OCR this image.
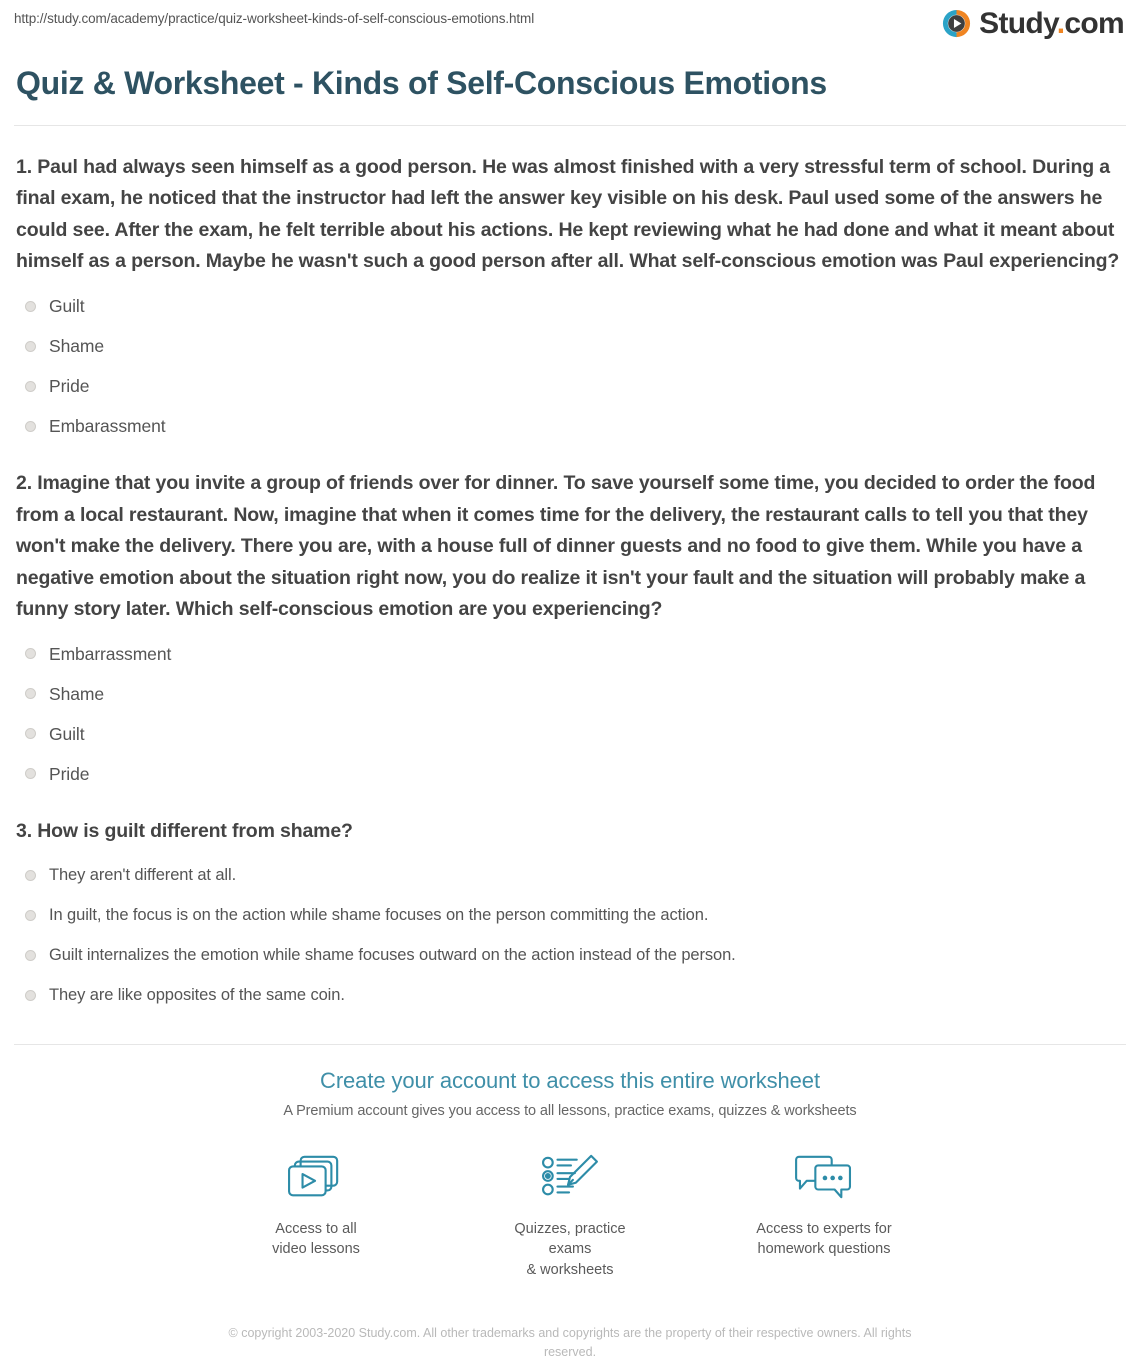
http://study.com/academy/practice/quiz-worksheet-kinds-of-self-conscious-emotions.html	Study.com
Quiz & Worksheet - Kinds of Self-Conscious Emotions

1. Paul had always seen himself as a good person. He was almost finished with a very stressful term of school. During a final exam, he noticed that the instructor had left the answer key visible on his desk. Paul used some of the answers he could see. After the exam, he felt terrible about his actions. He kept reviewing what he had done and what it meant about himself as a person. Maybe he wasn't such a good person after all. What self-conscious emotion was Paul experiencing?

Guilt
Shame
Pride
Embarassment

2. Imagine that you invite a group of friends over for dinner. To save yourself some time, you decided to order the food from a local restaurant. Now, imagine that when it comes time for the delivery, the restaurant calls to tell you that they won't make the delivery. There you are, with a house full of dinner guests and no food to give them. While you have a negative emotion about the situation right now, you do realize it isn't your fault and the situation will probably make a funny story later. Which self-conscious emotion are you experiencing?

Embarrassment
Shame
Guilt
Pride

3. How is guilt different from shame?

They aren't different at all.
In guilt, the focus is on the action while shame focuses on the person committing the action.
Guilt internalizes the emotion while shame focuses outward on the action instead of the person.
They are like opposites of the same coin.
Create your account to access this entire worksheet

A Premium account gives you access to all lessons, practice exams, quizzes & worksheets

Access to all
video lessons
Quizzes, practice exams
& worksheets
Access to experts for
homework questions
© copyright 2003-2020 Study.com. All other trademarks and copyrights are the property of their respective owners. All rights reserved.
